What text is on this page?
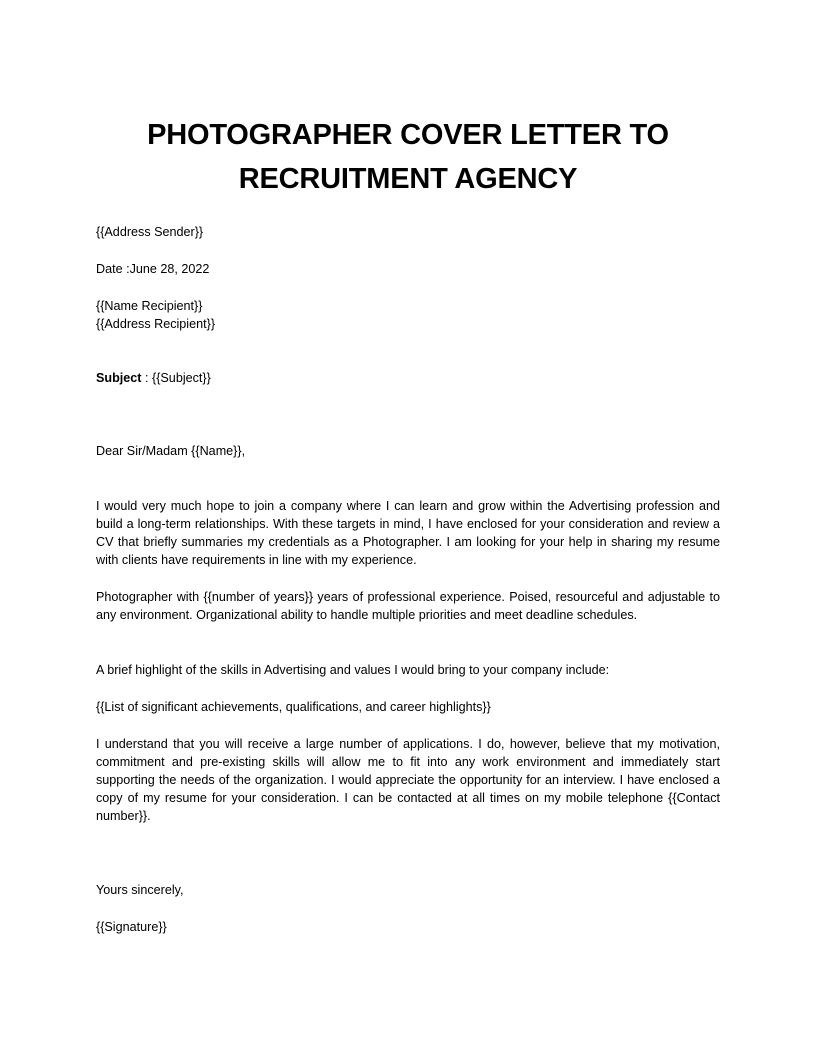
PHOTOGRAPHER COVER LETTER TO
RECRUITMENT AGENCY
{{Address Sender}}
Date :June 28, 2022
{{Name Recipient}}
{{Address Recipient}}
Subject : {{Subject}}
Dear Sir/Madam {{Name}},
I would very much hope to join a company where I can learn and grow within the Advertising profession and build a long-term relationships. With these targets in mind, I have enclosed for your consideration and review a CV that briefly summaries my credentials as a Photographer. I am looking for your help in sharing my resume with clients have requirements in line with my experience.
Photographer with {{number of years}} years of professional experience. Poised, resourceful and adjustable to any environment. Organizational ability to handle multiple priorities and meet deadline schedules.
A brief highlight of the skills in Advertising and values I would bring to your company include:
{{List of significant achievements, qualifications, and career highlights}}
I understand that you will receive a large number of applications. I do, however, believe that my motivation, commitment and pre-existing skills will allow me to fit into any work environment and immediately start supporting the needs of the organization. I would appreciate the opportunity for an interview. I have enclosed a copy of my resume for your consideration. I can be contacted at all times on my mobile telephone {{Contact number}}.
Yours sincerely,
{{Signature}}
